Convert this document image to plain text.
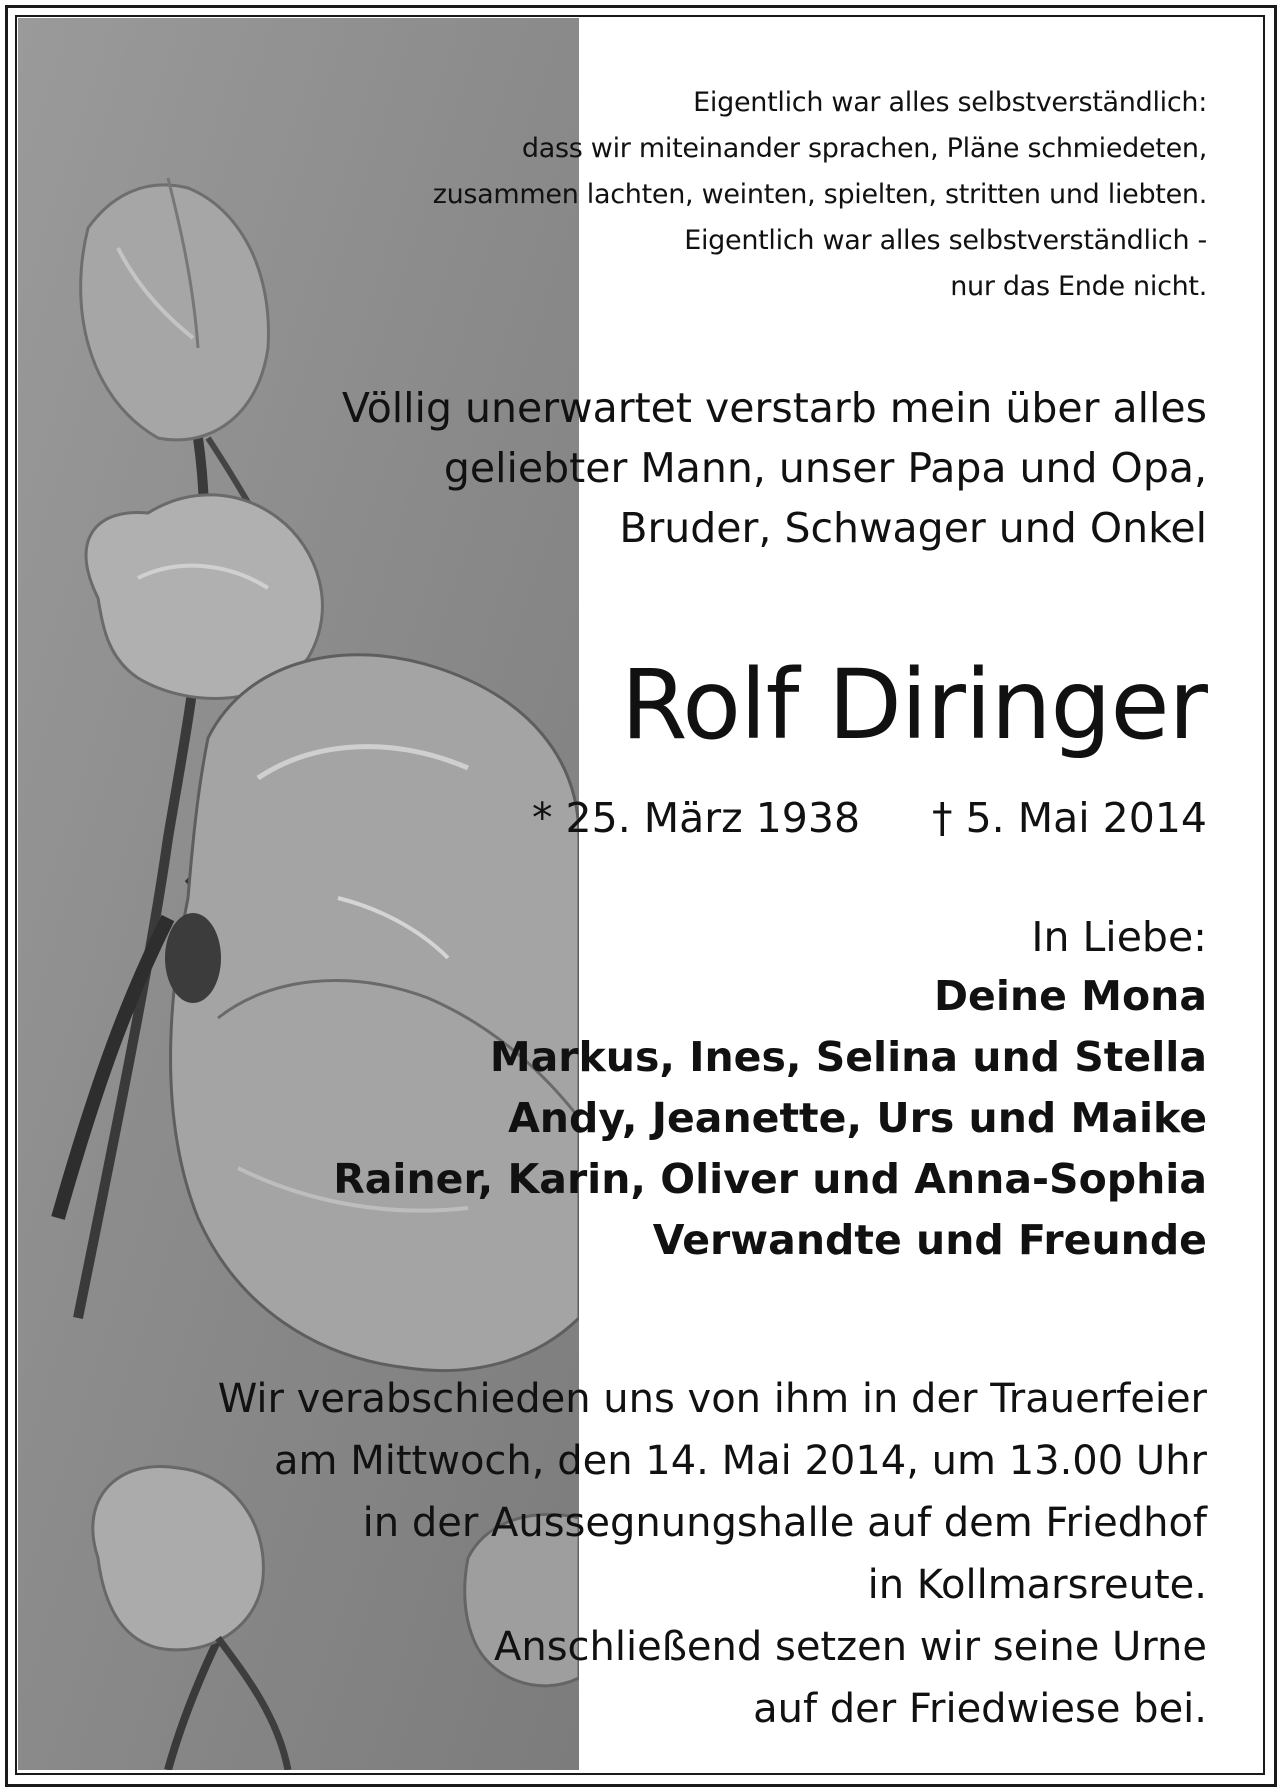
Eigentlich war alles selbstverständlich:
dass wir miteinander sprachen, Pläne schmiedeten,
zusammen lachten, weinten, spielten, stritten und liebten.
Eigentlich war alles selbstverständlich -
nur das Ende nicht.
Völlig unerwartet verstarb mein über alles
geliebter Mann, unser Papa und Opa,
Bruder, Schwager und Onkel
Rolf Diringer
* 25. März 1938 † 5. Mai 2014
In Liebe:
Deine Mona
Markus, Ines, Selina und Stella
Andy, Jeanette, Urs und Maike
Rainer, Karin, Oliver und Anna-Sophia
Verwandte und Freunde
Wir verabschieden uns von ihm in der Trauerfeier
am Mittwoch, den 14. Mai 2014, um 13.00 Uhr
in der Aussegnungshalle auf dem Friedhof
in Kollmarsreute.
Anschließend setzen wir seine Urne
auf der Friedwiese bei.
